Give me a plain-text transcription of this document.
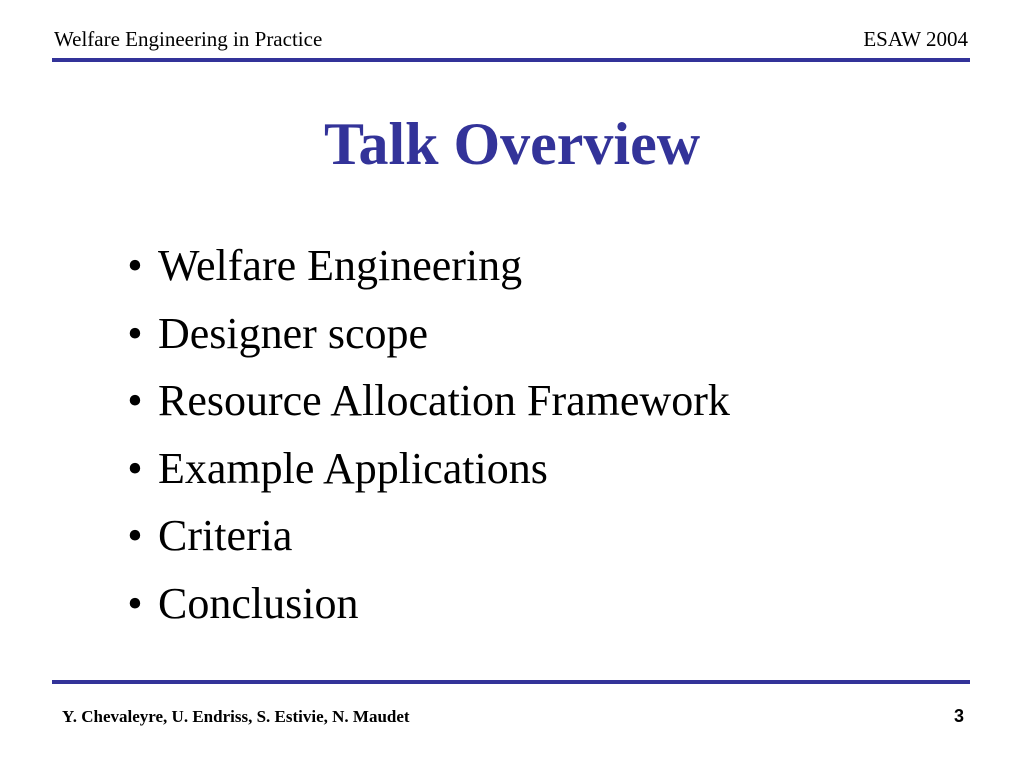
Welfare Engineering in Practice	ESAW 2004
Talk Overview
• Welfare Engineering
• Designer scope
• Resource Allocation Framework
• Example Applications
• Criteria
• Conclusion
Y. Chevaleyre, U. Endriss, S. Estivie, N. Maudet	3
